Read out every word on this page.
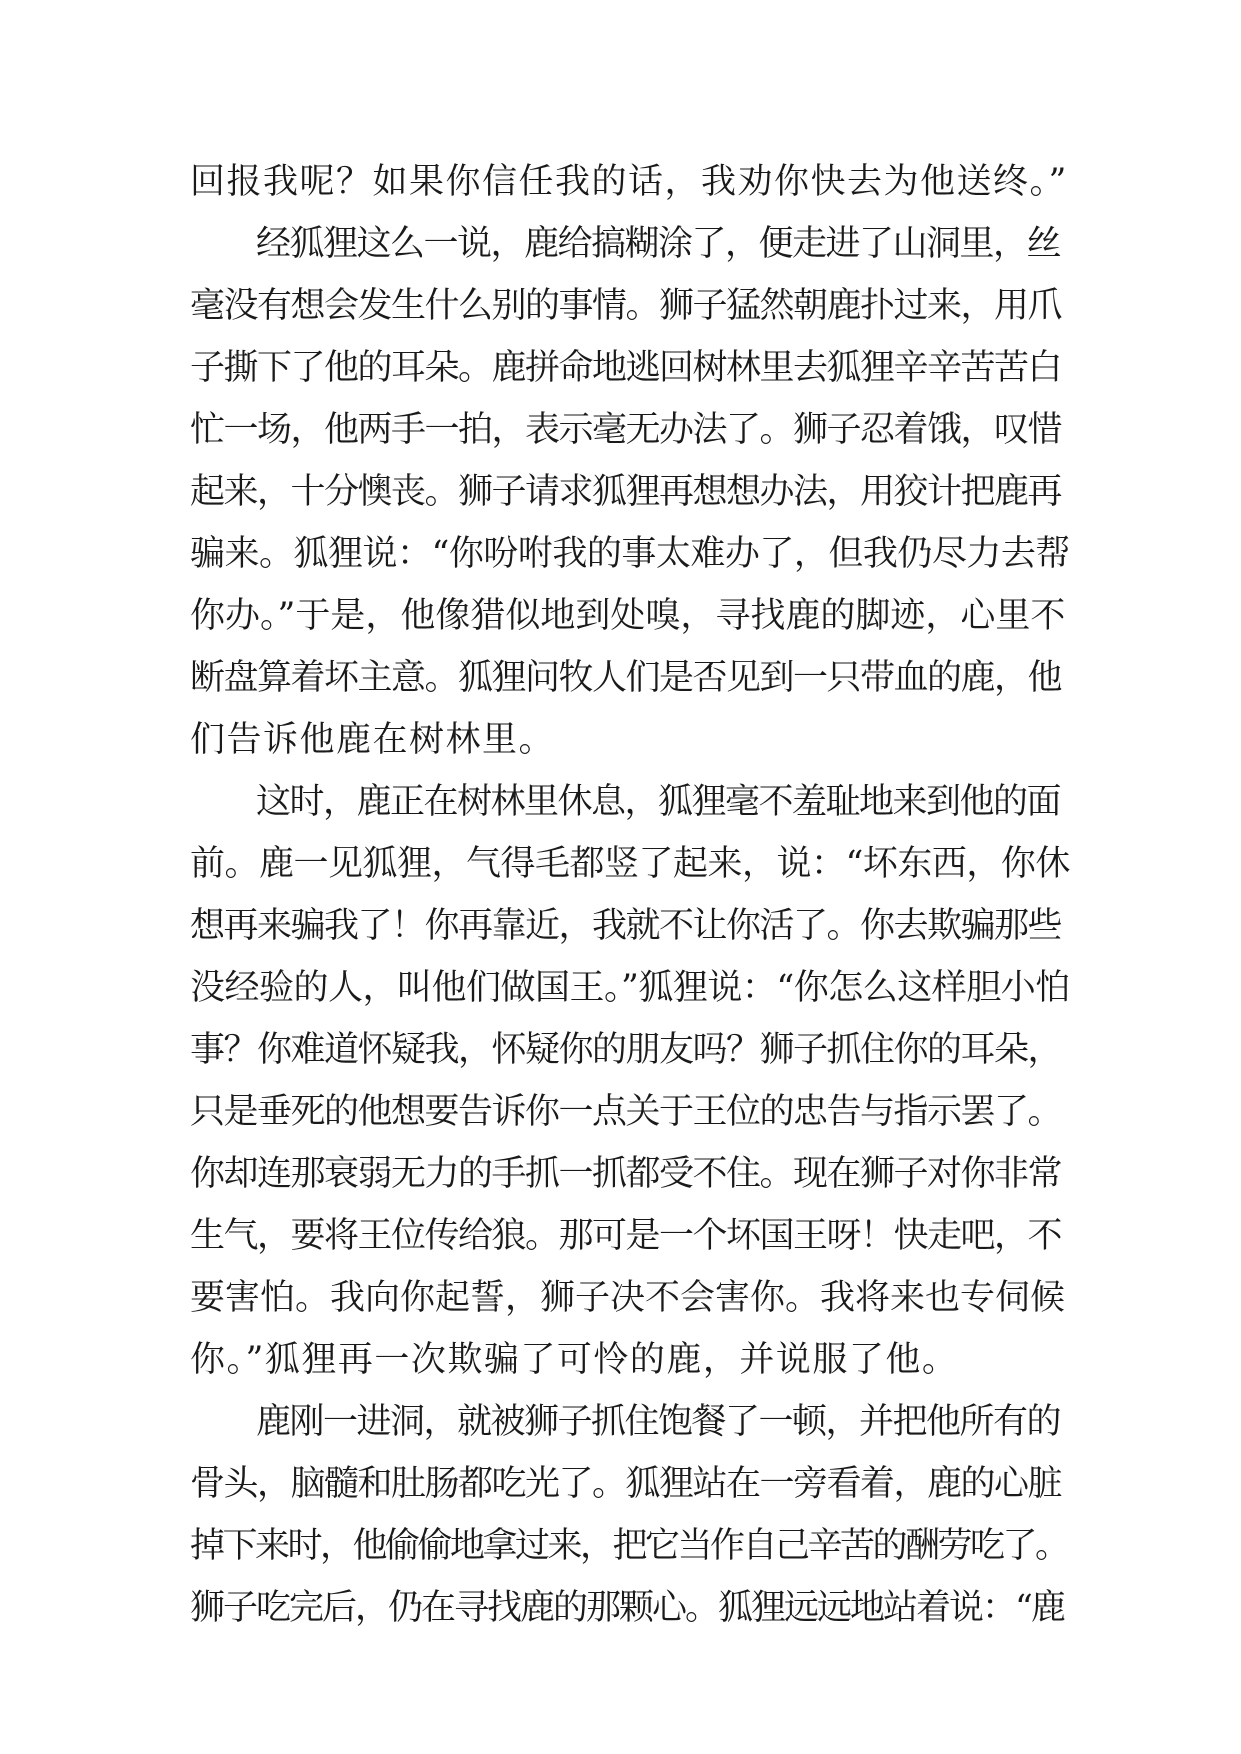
回报我呢？如果你信任我的话，我劝你快去为他送终。”
经狐狸这么一说，鹿给搞糊涂了，便走进了山洞里，丝
毫没有想会发生什么别的事情。狮子猛然朝鹿扑过来，用爪
子撕下了他的耳朵。鹿拼命地逃回树林里去狐狸辛辛苦苦白
忙一场，他两手一拍，表示毫无办法了。狮子忍着饿，叹惜
起来，十分懊丧。狮子请求狐狸再想想办法，用狡计把鹿再
骗来。狐狸说：“你吩咐我的事太难办了，但我仍尽力去帮
你办。”于是，他像猎似地到处嗅，寻找鹿的脚迹，心里不
断盘算着坏主意。狐狸问牧人们是否见到一只带血的鹿，他
们告诉他鹿在树林里。
这时，鹿正在树林里休息，狐狸毫不羞耻地来到他的面
前。鹿一见狐狸，气得毛都竖了起来，说：“坏东西，你休
想再来骗我了！你再靠近，我就不让你活了。你去欺骗那些
没经验的人，叫他们做国王。”狐狸说：“你怎么这样胆小怕
事？你难道怀疑我，怀疑你的朋友吗？狮子抓住你的耳朵，
只是垂死的他想要告诉你一点关于王位的忠告与指示罢了。
你却连那衰弱无力的手抓一抓都受不住。现在狮子对你非常
生气，要将王位传给狼。那可是一个坏国王呀！快走吧，不
要害怕。我向你起誓，狮子决不会害你。我将来也专伺候
你。”狐狸再一次欺骗了可怜的鹿，并说服了他。
鹿刚一进洞，就被狮子抓住饱餐了一顿，并把他所有的
骨头，脑髓和肚肠都吃光了。狐狸站在一旁看着，鹿的心脏
掉下来时，他偷偷地拿过来，把它当作自己辛苦的酬劳吃了。
狮子吃完后，仍在寻找鹿的那颗心。狐狸远远地站着说：“鹿
